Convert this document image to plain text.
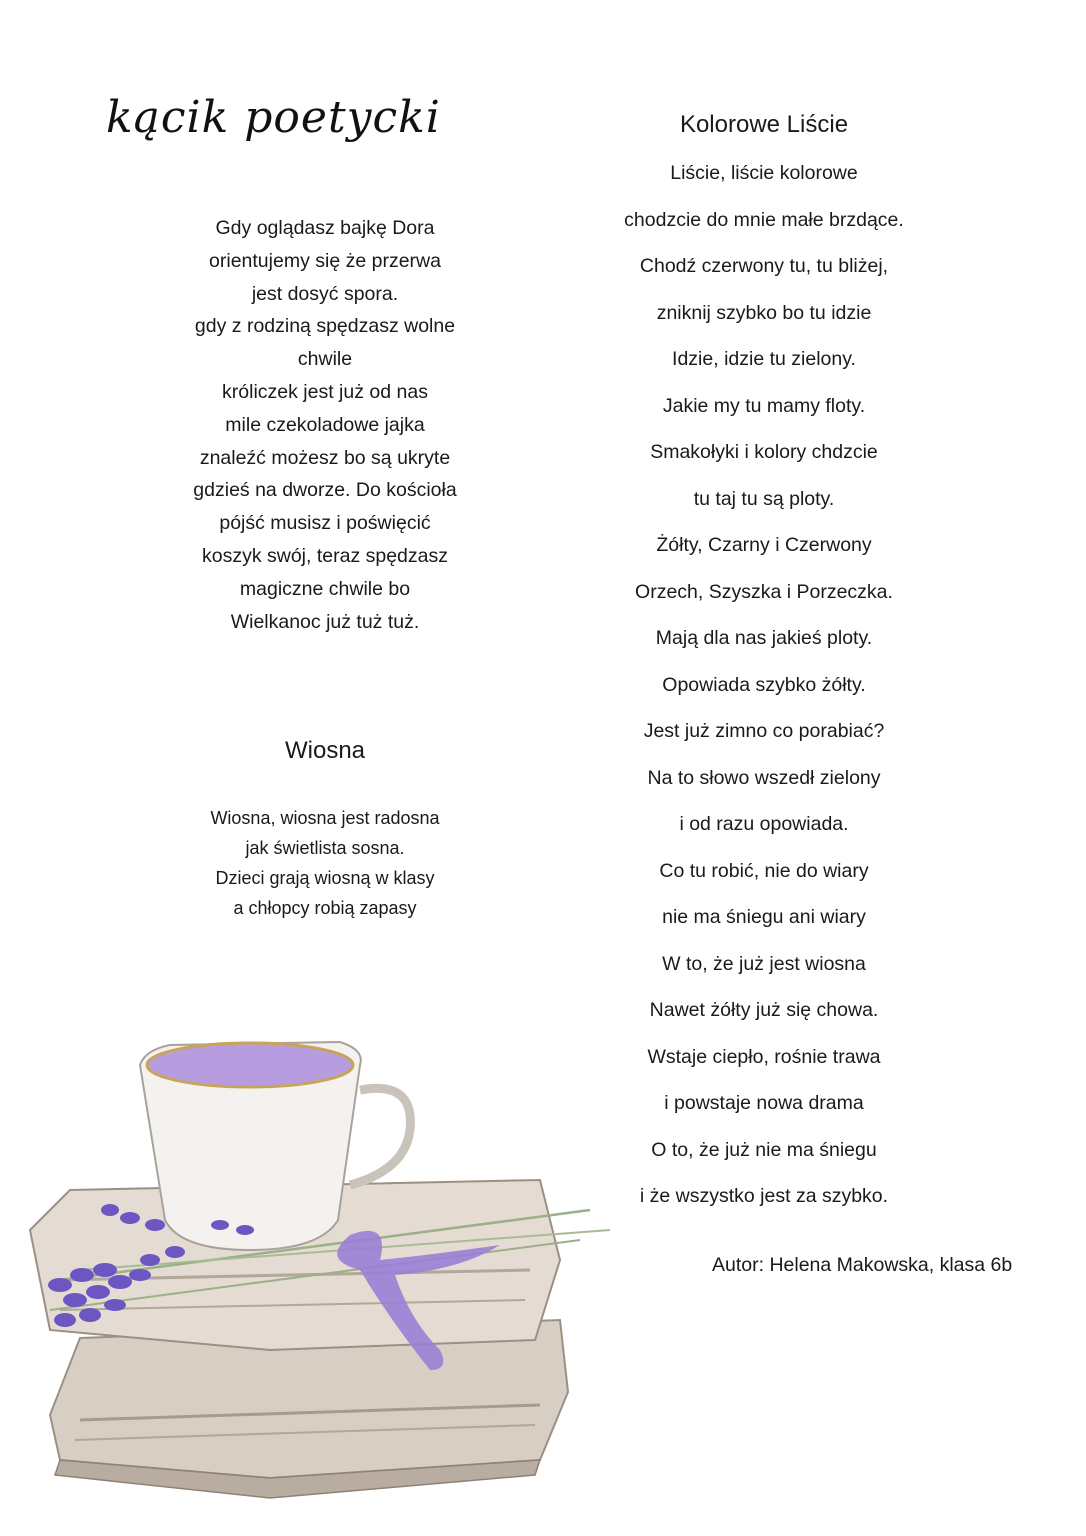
kącik poetycki
Gdy oglądasz bajkę Dora
orientujemy się że przerwa
jest dosyć spora.
gdy z rodziną spędzasz wolne
chwile
króliczek jest już od nas
mile czekoladowe jajka
znaleźć możesz bo są ukryte
gdzieś na dworze. Do kościoła
pójść musisz i poświęcić
koszyk swój, teraz spędzasz
magiczne chwile bo
Wielkanoc już tuż tuż.
Wiosna
Wiosna, wiosna jest radosna
jak świetlista sosna.
Dzieci grają wiosną w klasy
a chłopcy robią zapasy
Kolorowe Liście
Liście, liście kolorowe
chodzcie do mnie małe brzdące.
Chodź czerwony tu, tu bliżej,
zniknij szybko bo tu idzie
Idzie, idzie tu zielony.
Jakie my tu mamy floty.
Smakołyki i kolory chdzcie
tu taj tu są ploty.
Żółty, Czarny i Czerwony
Orzech, Szyszka i Porzeczka.
Mają dla nas jakieś ploty.
Opowiada szybko żółty.
Jest już zimno co porabiać?
Na to słowo wszedł zielony
i od razu opowiada.
Co tu robić, nie do wiary
nie ma śniegu ani wiary
W to, że już jest wiosna
Nawet żółty już się chowa.
Wstaje ciepło, rośnie trawa
i powstaje nowa drama
O to, że już nie ma śniegu
i że wszystko jest za szybko.
Autor: Helena Makowska, klasa 6b
